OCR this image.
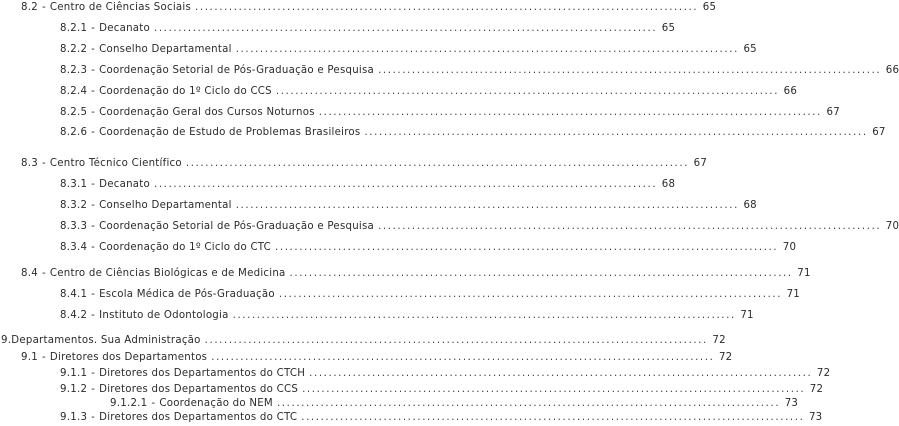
8.2 - Centro de Ciências Sociais ........................................................................................................ 65
8.2.1 - Decanato ........................................................................................................ 65
8.2.2 - Conselho Departamental ........................................................................................................ 65
8.2.3 - Coordenação Setorial de Pós-Graduação e Pesquisa ........................................................................................................ 66
8.2.4 - Coordenação do 1º Ciclo do CCS ........................................................................................................ 66
8.2.5 - Coordenação Geral dos Cursos Noturnos ........................................................................................................ 67
8.2.6 - Coordenação de Estudo de Problemas Brasileiros ........................................................................................................ 67
8.3 - Centro Técnico Científico ........................................................................................................ 67
8.3.1 - Decanato ........................................................................................................ 68
8.3.2 - Conselho Departamental ........................................................................................................ 68
8.3.3 - Coordenação Setorial de Pós-Graduação e Pesquisa ........................................................................................................ 70
8.3.4 - Coordenação do 1º Ciclo do CTC ........................................................................................................ 70
8.4 - Centro de Ciências Biológicas e de Medicina ........................................................................................................ 71
8.4.1 - Escola Médica de Pós-Graduação ........................................................................................................ 71
8.4.2 - Instituto de Odontologia ........................................................................................................ 71
9. Departamentos. Sua Administração ........................................................................................................ 72
9.1 - Diretores dos Departamentos ........................................................................................................ 72
9.1.1 - Diretores dos Departamentos do CTCH ........................................................................................................ 72
9.1.2 - Diretores dos Departamentos do CCS ........................................................................................................ 72
9.1.2.1 - Coordenação do NEM ........................................................................................................ 73
9.1.3 - Diretores dos Departamentos do CTC ........................................................................................................ 73
